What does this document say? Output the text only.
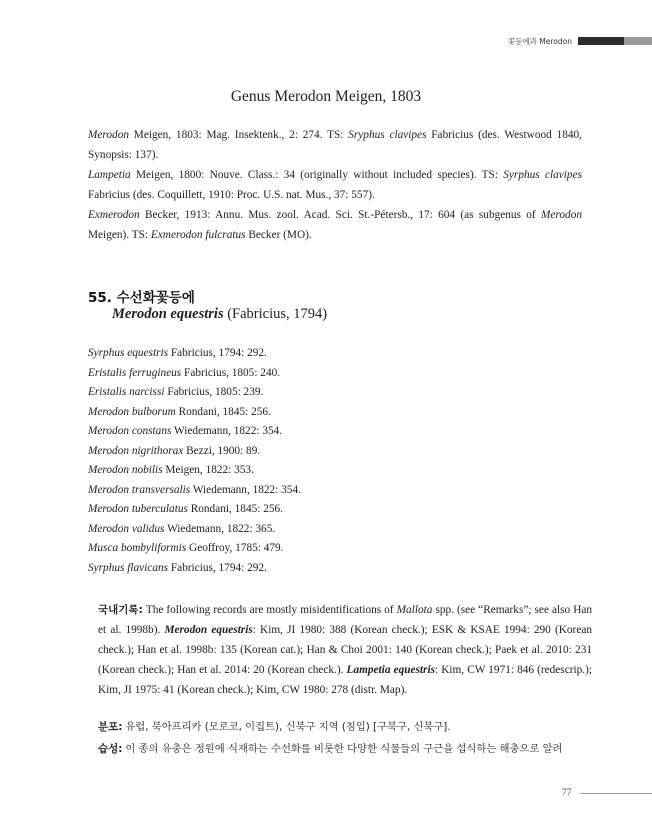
꽃등에과 Merodon
Genus Merodon Meigen, 1803
Merodon Meigen, 1803: Mag. Insektenk., 2: 274. TS: Sryphus clavipes Fabricius (des. Westwood 1840, Synopsis: 137).
Lampetia Meigen, 1800: Nouve. Class.: 34 (originally without included species). TS: Syrphus clavipes Fabricius (des. Coquillett, 1910: Proc. U.S. nat. Mus., 37: 557).
Exmerodon Becker, 1913: Annu. Mus. zool. Acad. Sci. St.-Pétersb., 17: 604 (as subgenus of Merodon Meigen). TS: Exmerodon fulcratus Becker (MO).
55. 수선화꽃등에
Merodon equestris (Fabricius, 1794)
Syrphus equestris Fabricius, 1794: 292.
Eristalis ferrugineus Fabricius, 1805: 240.
Eristalis narcissi Fabricius, 1805: 239.
Merodon bulborum Rondani, 1845: 256.
Merodon constans Wiedemann, 1822: 354.
Merodon nigrithorax Bezzi, 1900: 89.
Merodon nobilis Meigen, 1822: 353.
Merodon transversalis Wiedemann, 1822: 354.
Merodon tuberculatus Rondani, 1845: 256.
Merodon validus Wiedemann, 1822: 365.
Musca bombyliformis Geoffroy, 1785: 479.
Syrphus flavicans Fabricius, 1794: 292.
국내기록: The following records are mostly misidentifications of Mallota spp. (see “Remarks”; see also Han et al. 1998b). Merodon equestris: Kim, JI 1980: 388 (Korean check.); ESK & KSAE 1994: 290 (Korean check.); Han et al. 1998b: 135 (Korean cat.); Han & Choi 2001: 140 (Korean check.); Paek et al. 2010: 231 (Korean check.); Han et al. 2014: 20 (Korean check.). Lampetia equestris: Kim, CW 1971: 846 (redescrip.); Kim, JI 1975: 41 (Korean check.); Kim, CW 1980: 278 (distr. Map).
분포: 유럽, 북아프리카 (모로코, 이집트), 신북구 지역 (침입) [구북구, 신북구].
습성: 이 종의 유충은 정원에 식재하는 수선화를 비롯한 다양한 식물들의 구근을 섭식하는 해충으로 알려
77
